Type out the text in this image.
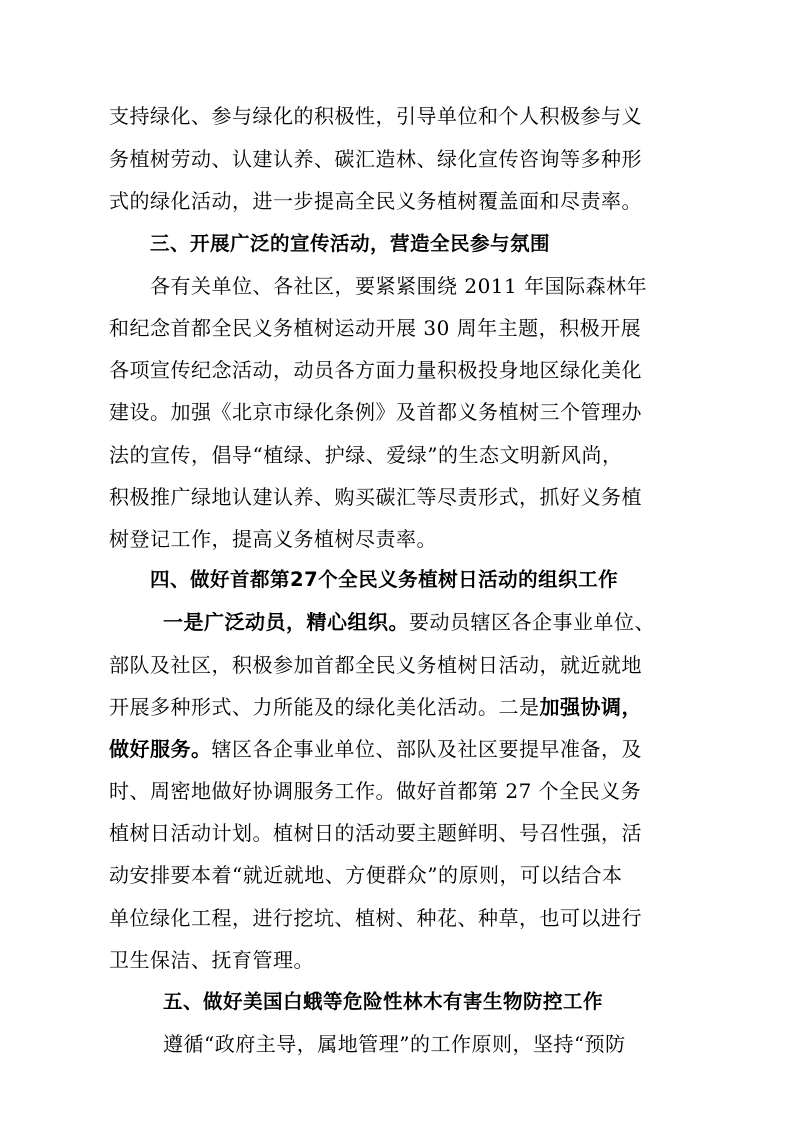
支持绿化、参与绿化的积极性，引导单位和个人积极参与义
务植树劳动、认建认养、碳汇造林、绿化宣传咨询等多种形
式的绿化活动，进一步提高全民义务植树覆盖面和尽责率。
三、开展广泛的宣传活动，营造全民参与氛围
各有关单位、各社区，要紧紧围绕 2011 年国际森林年
和纪念首都全民义务植树运动开展 30 周年主题，积极开展
各项宣传纪念活动，动员各方面力量积极投身地区绿化美化
建设。加强《北京市绿化条例》及首都义务植树三个管理办
法的宣传，倡导“植绿、护绿、爱绿”的生态文明新风尚，
积极推广绿地认建认养、购买碳汇等尽责形式，抓好义务植
树登记工作，提高义务植树尽责率。
四、做好首都第27个全民义务植树日活动的组织工作
一是广泛动员，精心组织。要动员辖区各企事业单位、
部队及社区，积极参加首都全民义务植树日活动，就近就地
开展多种形式、力所能及的绿化美化活动。二是加强协调，
做好服务。辖区各企事业单位、部队及社区要提早准备，及
时、周密地做好协调服务工作。做好首都第 27 个全民义务
植树日活动计划。植树日的活动要主题鲜明、号召性强，活
动安排要本着“就近就地、方便群众”的原则，可以结合本
单位绿化工程，进行挖坑、植树、种花、种草，也可以进行
卫生保洁、抚育管理。
五、做好美国白蛾等危险性林木有害生物防控工作
遵循“政府主导，属地管理”的工作原则，坚持“预防
